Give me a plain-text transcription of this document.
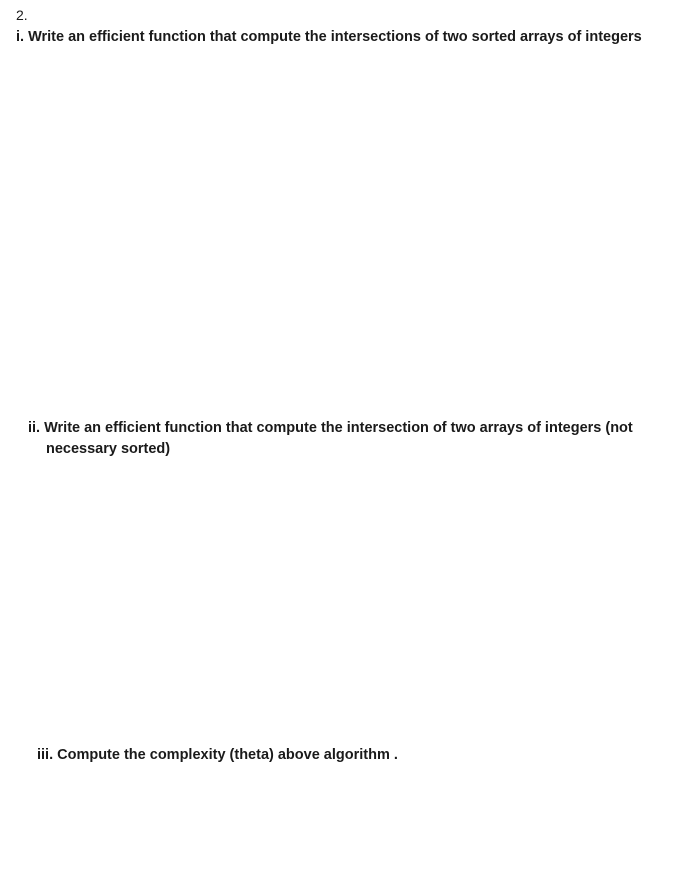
2.
i. Write an efficient function that compute the intersections of two sorted arrays of integers
ii. Write an efficient function that compute the intersection of two arrays of integers (not
necessary sorted)
iii. Compute the complexity (theta) above algorithm .
